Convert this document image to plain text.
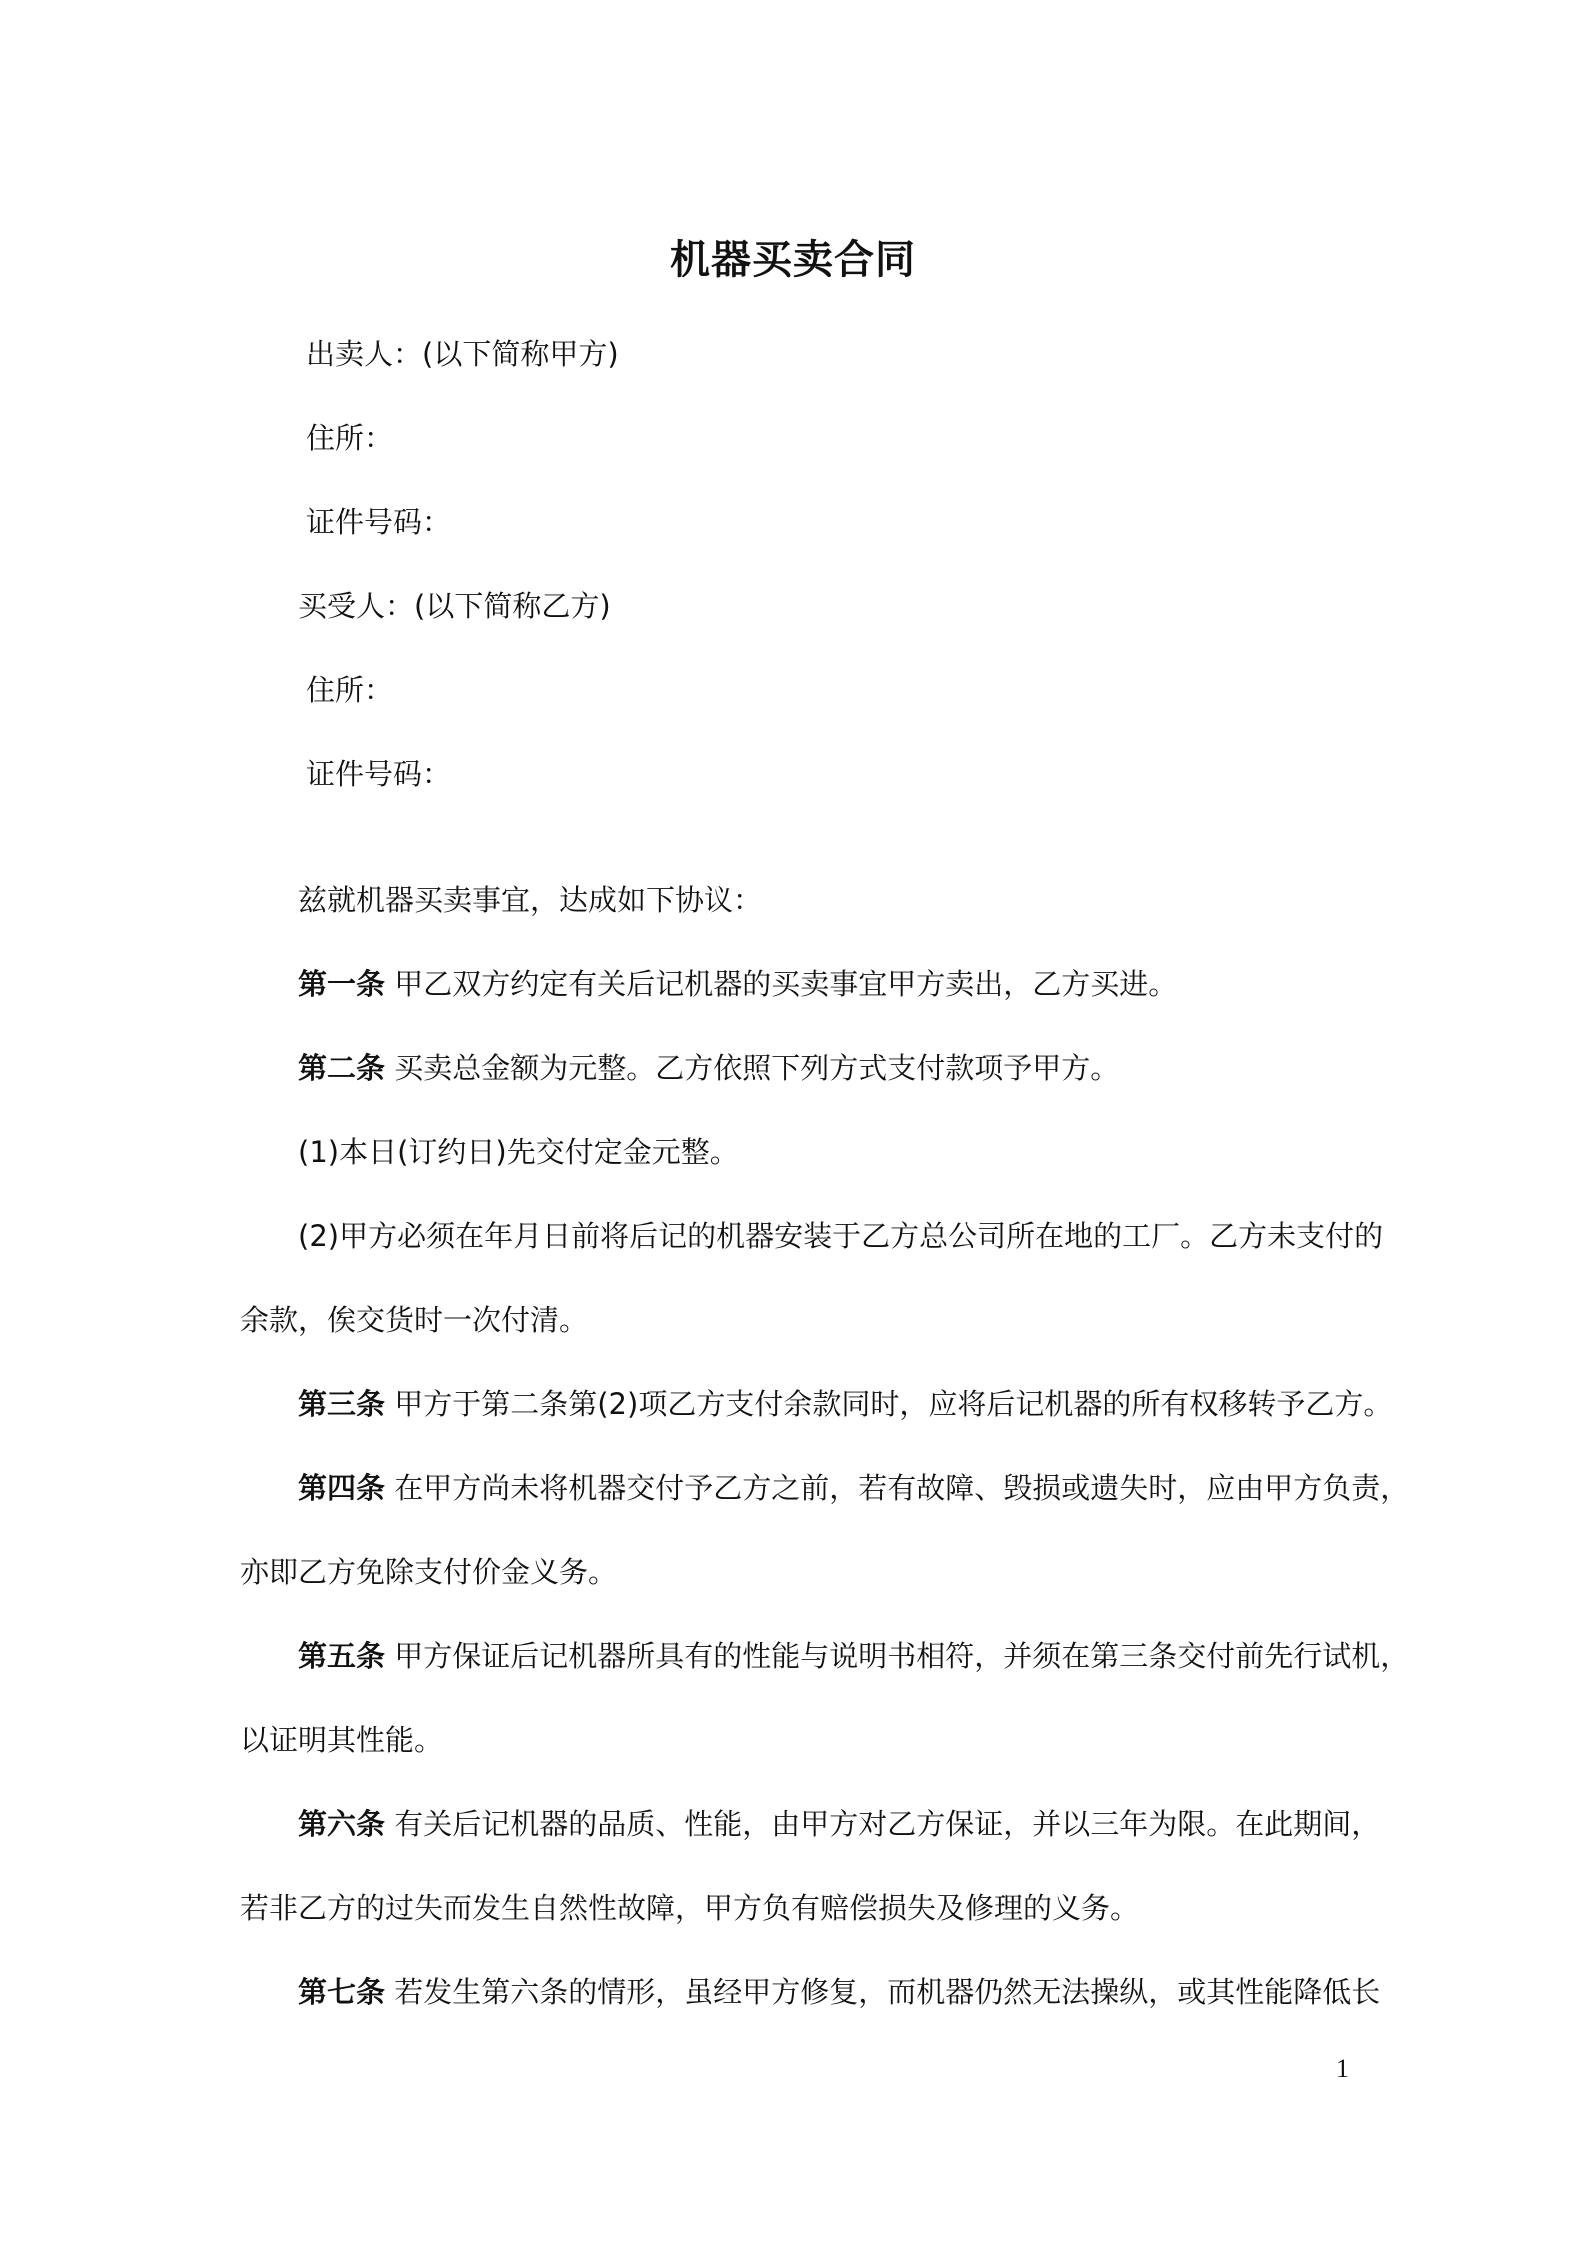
机器买卖合同
出卖人：(以下简称甲方)
住所：
证件号码：
买受人：(以下简称乙方)
住所：
证件号码：
兹就机器买卖事宜，达成如下协议：
第一条 甲乙双方约定有关后记机器的买卖事宜甲方卖出，乙方买进。
第二条 买卖总金额为元整。乙方依照下列方式支付款项予甲方。
(1)本日(订约日)先交付定金元整。
(2)甲方必须在年月日前将后记的机器安装于乙方总公司所在地的工厂。乙方未支付的
余款，俟交货时一次付清。
第三条 甲方于第二条第(2)项乙方支付余款同时，应将后记机器的所有权移转予乙方。
第四条 在甲方尚未将机器交付予乙方之前，若有故障、毁损或遗失时，应由甲方负责，
亦即乙方免除支付价金义务。
第五条 甲方保证后记机器所具有的性能与说明书相符，并须在第三条交付前先行试机，
以证明其性能。
第六条 有关后记机器的品质、性能，由甲方对乙方保证，并以三年为限。在此期间，
若非乙方的过失而发生自然性故障，甲方负有赔偿损失及修理的义务。
第七条 若发生第六条的情形，虽经甲方修复，而机器仍然无法操纵，或其性能降低长
1
